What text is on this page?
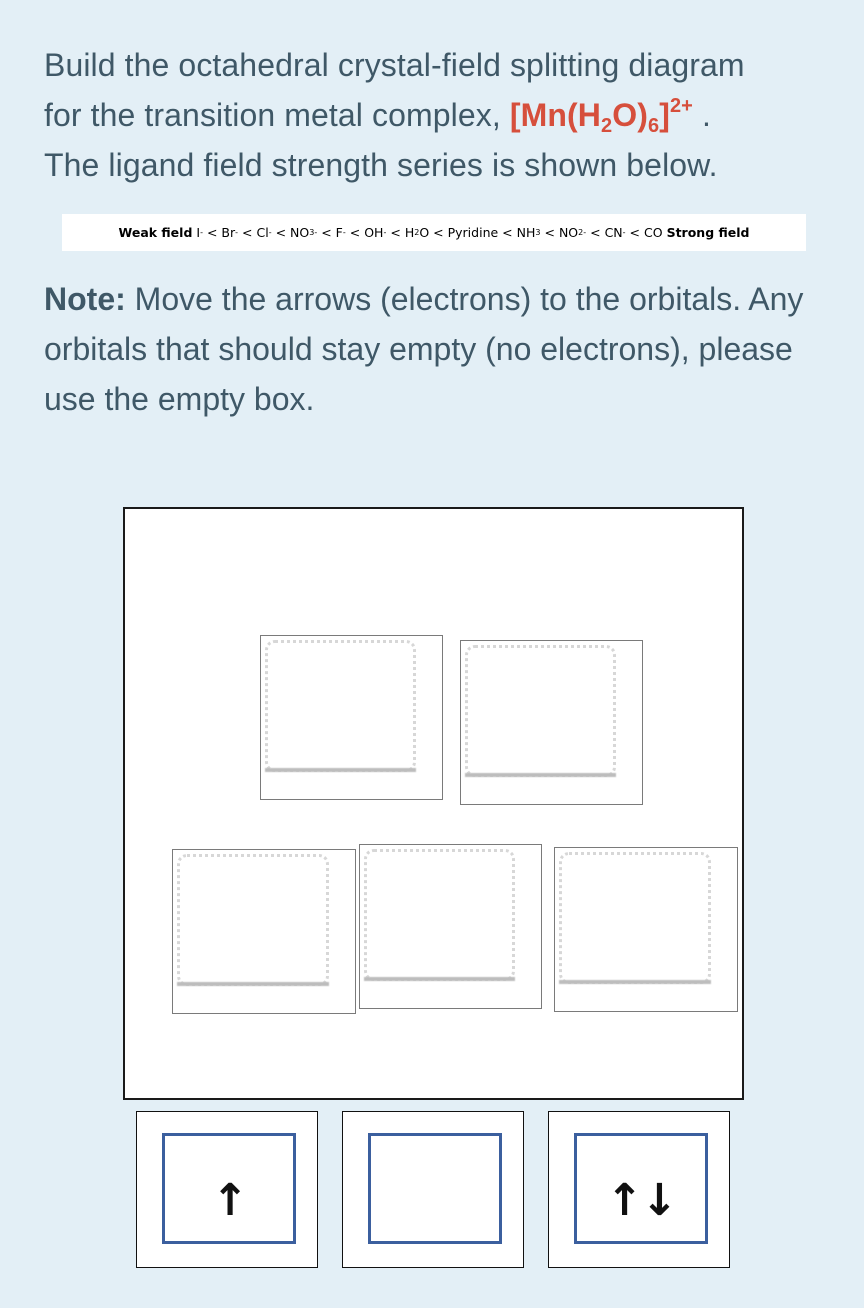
Build the octahedral crystal-field splitting diagram
for the transition metal complex, $[Mn(H_2O)_6]^{2+}$ .
The ligand field strength series is shown below.
Weak field
I -
<
Br -
<
Cl -
<
NO 3 -
<
F -
<
OH -
<
H 2 O
<
Pyridine
<
NH 3
<
NO 2 -
<
CN -
<
CO
Strong field
Note: Move the arrows (electrons) to the orbitals. Any orbitals that should stay empty (no electrons), please use the empty box.
↑	↑↓
